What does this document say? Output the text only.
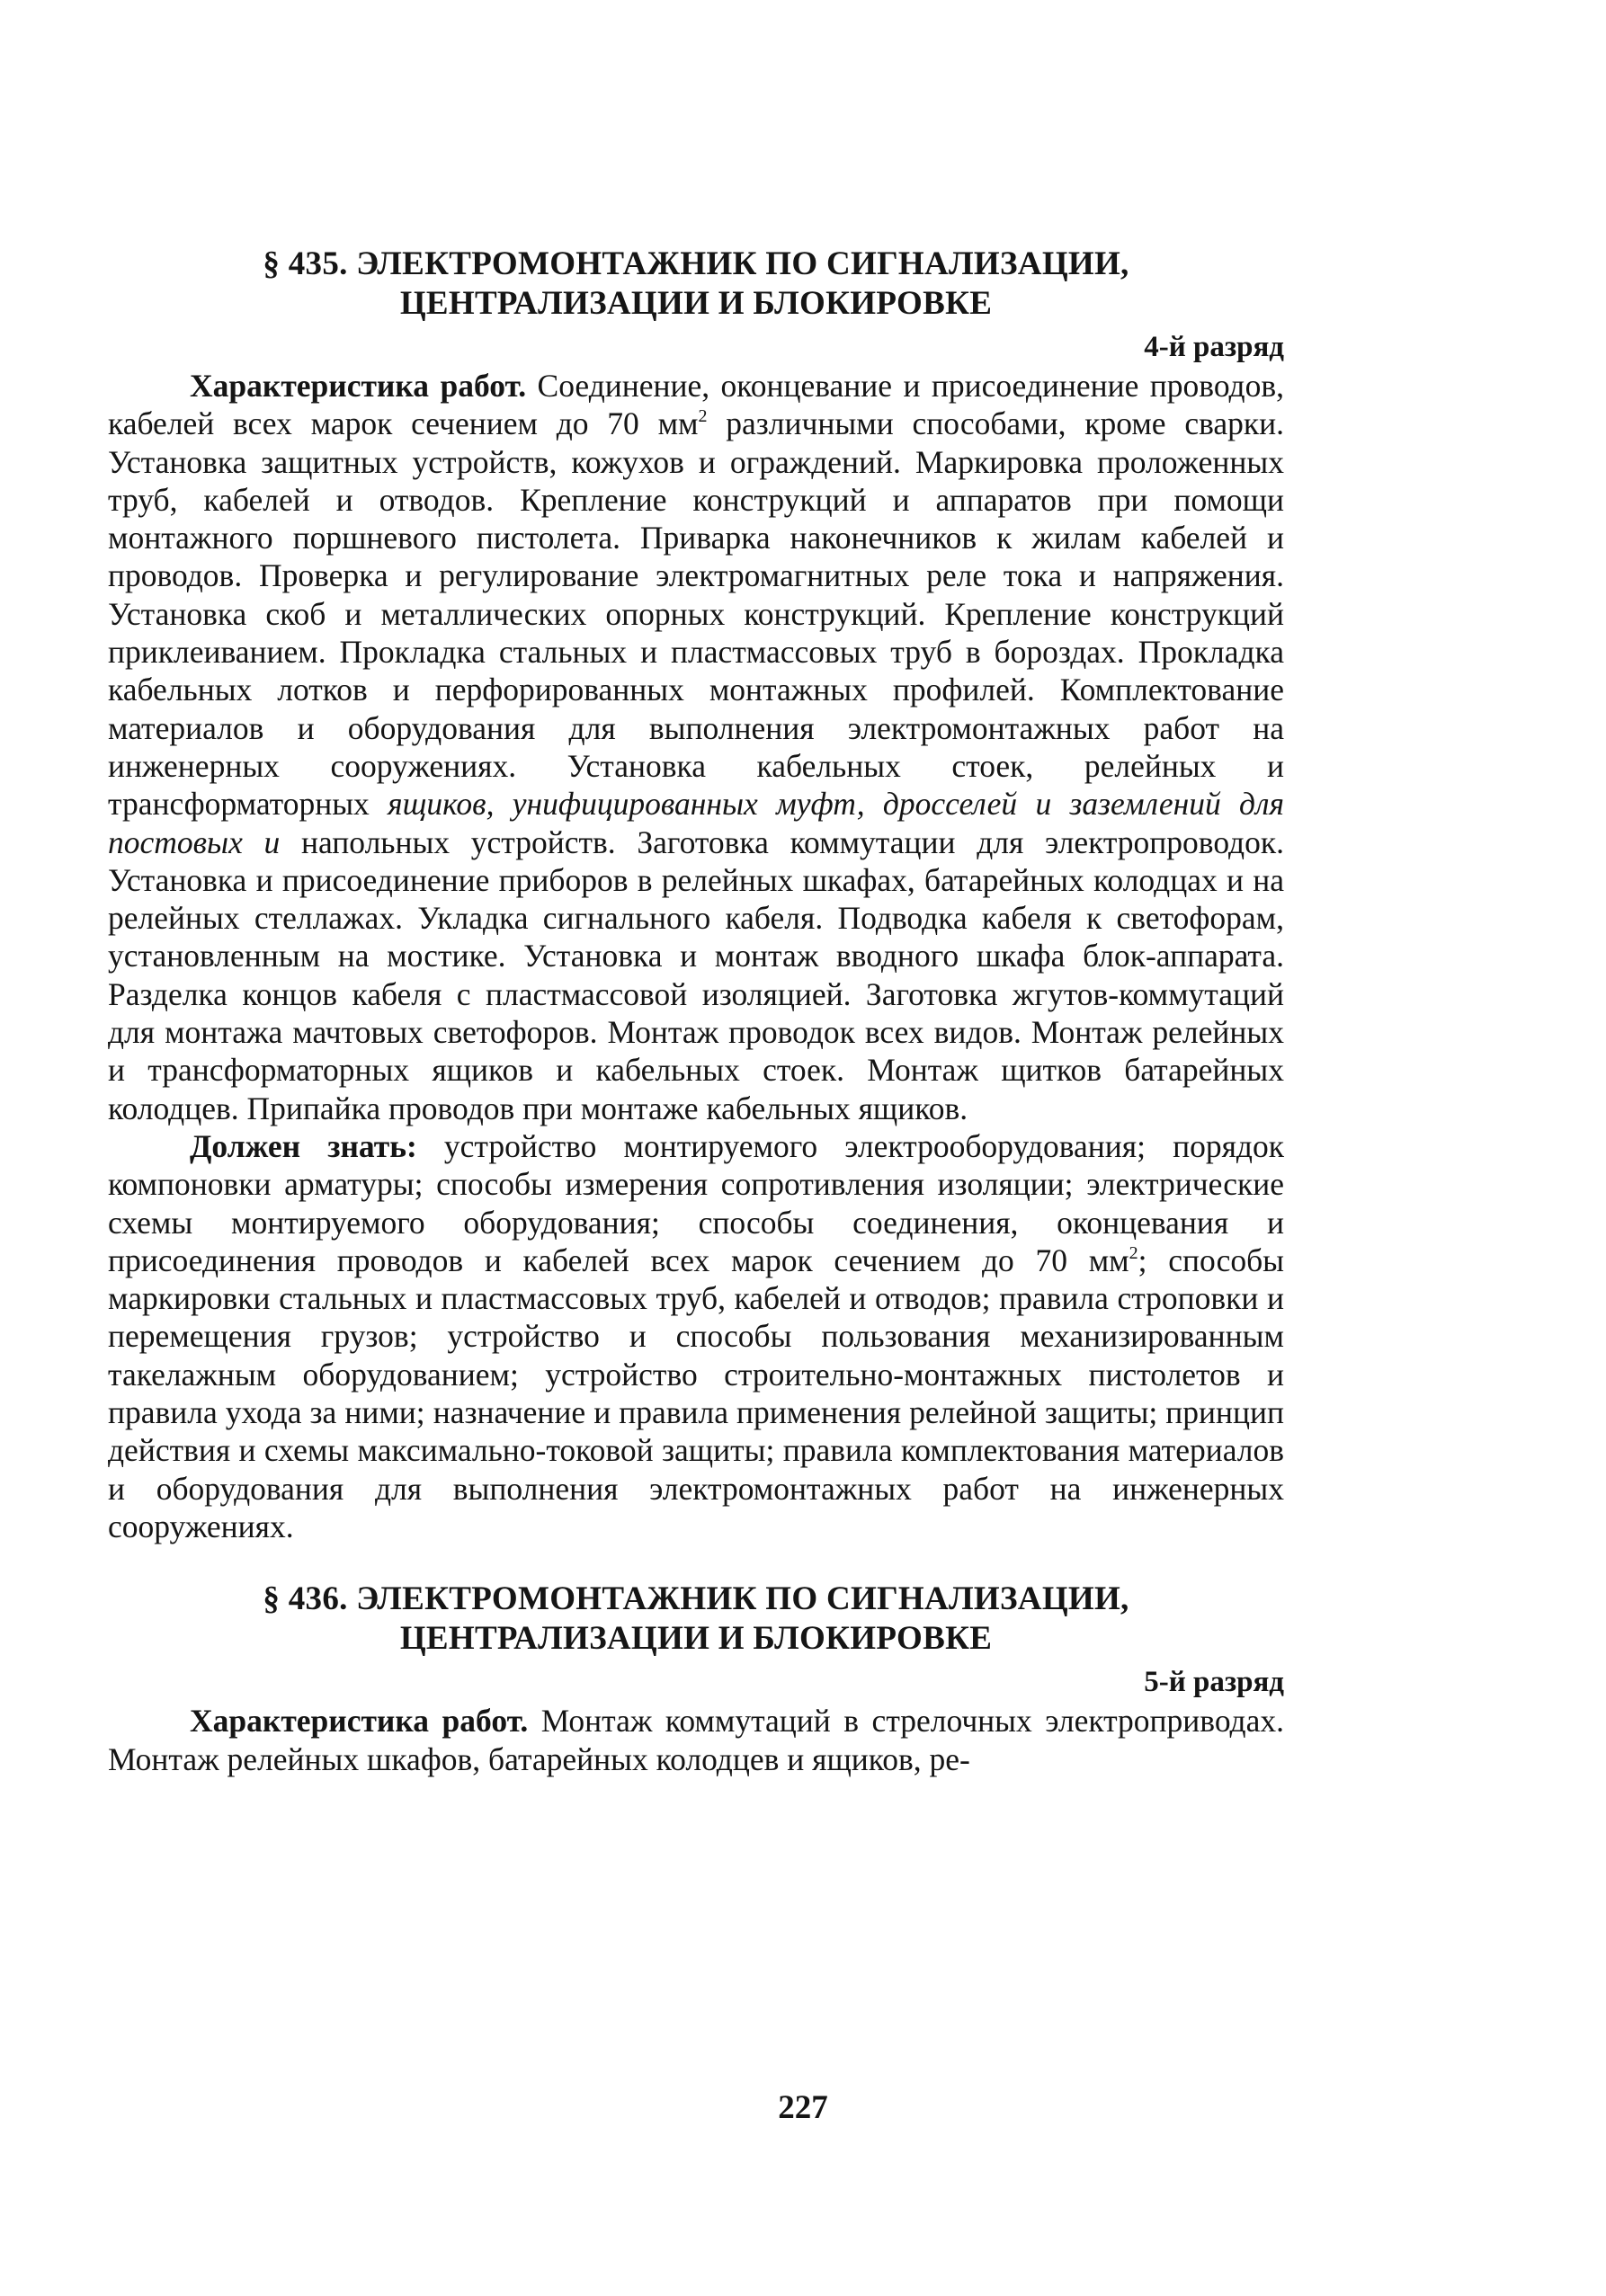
§ 435. ЭЛЕКТРОМОНТАЖНИК ПО СИГНАЛИЗАЦИИ,

ЦЕНТРАЛИЗАЦИИ И БЛОКИРОВКЕ

4-й разряд

Характеристика работ. Соединение, оконцевание и присоединение проводов, кабелей всех марок сечением до 70 $мм^2$ различными способами, кроме сварки. Установка защитных устройств, кожухов и ограждений. Маркировка проложенных труб, кабелей и отводов. Крепление конструкций и аппаратов при помощи монтажного поршневого пистолета. Приварка наконечников к жилам кабелей и проводов. Проверка и регулирование электромагнитных реле тока и напряжения. Установка скоб и металлических опорных конструкций. Крепление конструкций приклеиванием. Прокладка стальных и пластмассовых труб в бороздах. Прокладка кабельных лотков и перфорированных монтажных профилей. Комплектование материалов и оборудования для выполнения электромонтажных работ на инженерных сооружениях. Установка кабельных стоек, релейных и трансформаторных ящиков, унифицированных муфт, дросселей и заземлений для постовых и напольных устройств. Заготовка коммутации для электропроводок. Установка и присоединение приборов в релейных шкафах, батарейных колодцах и на релейных стеллажах. Укладка сигнального кабеля. Подводка кабеля к светофорам, установленным на мостике. Установка и монтаж вводного шкафа блок-аппарата. Разделка концов кабеля с пластмассовой изоляцией. Заготовка жгутов-коммутаций для монтажа мачтовых светофоров. Монтаж проводок всех видов. Монтаж релейных и трансформаторных ящиков и кабельных стоек. Монтаж щитков батарейных колодцев. Припайка проводов при монтаже кабельных ящиков.

Должен знать: устройство монтируемого электрооборудования; порядок компоновки арматуры; способы измерения сопротивления изоляции; электрические схемы монтируемого оборудования; способы соединения, оконцевания и присоединения проводов и кабелей всех марок сечением до 70 $мм^2$; способы маркировки стальных и пластмассовых труб, кабелей и отводов; правила строповки и перемещения грузов; устройство и способы пользования механизированным такелажным оборудованием; устройство строительно-монтажных пистолетов и правила ухода за ними; назначение и правила применения релейной защиты; принцип действия и схемы максимально-токовой защиты; правила комплектования материалов и оборудования для выполнения электромонтажных работ на инженерных сооружениях.

§ 436. ЭЛЕКТРОМОНТАЖНИК ПО СИГНАЛИЗАЦИИ,

ЦЕНТРАЛИЗАЦИИ И БЛОКИРОВКЕ

5-й разряд

Характеристика работ. Монтаж коммутаций в стрелочных электроприводах. Монтаж релейных шкафов, батарейных колодцев и ящиков, ре-

227
